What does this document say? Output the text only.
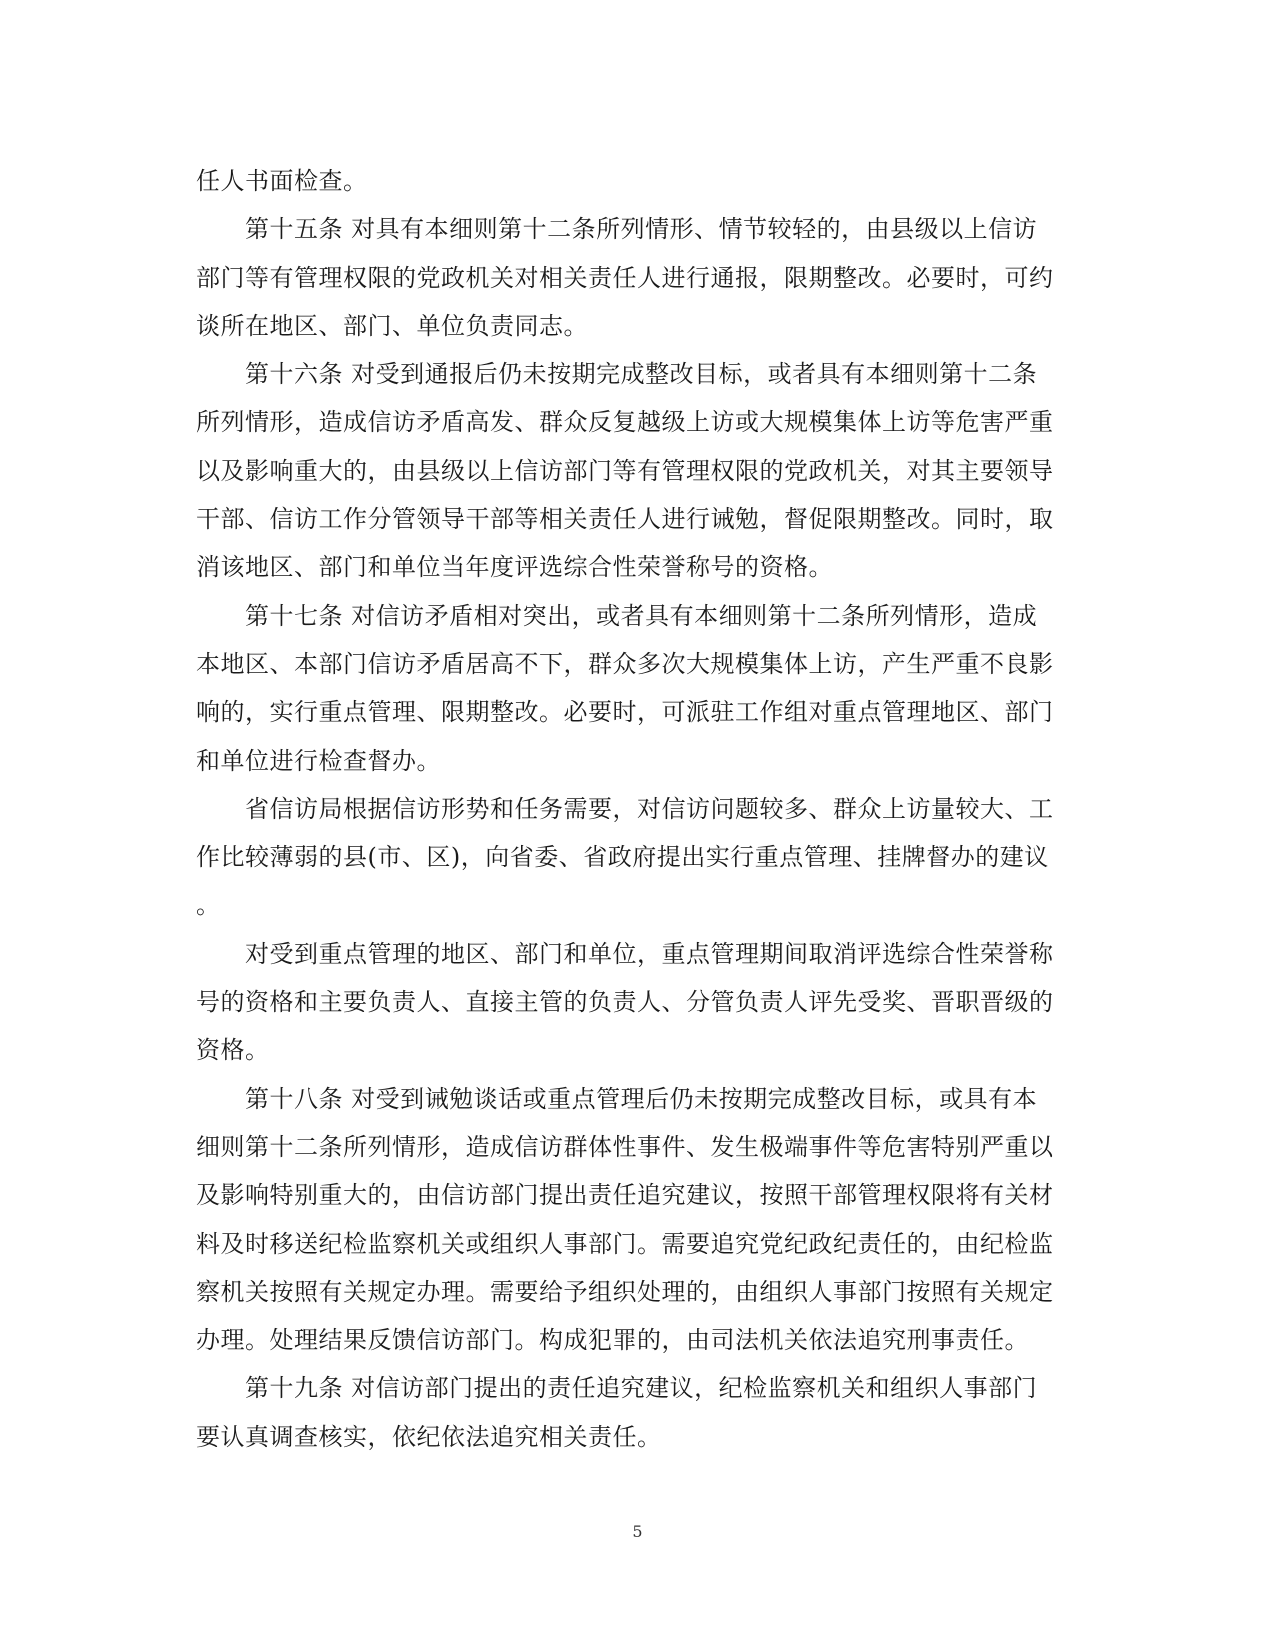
任人书面检查。
第十五条 对具有本细则第十二条所列情形、情节较轻的，由县级以上信访
部门等有管理权限的党政机关对相关责任人进行通报，限期整改。必要时，可约
谈所在地区、部门、单位负责同志。
第十六条 对受到通报后仍未按期完成整改目标，或者具有本细则第十二条
所列情形，造成信访矛盾高发、群众反复越级上访或大规模集体上访等危害严重
以及影响重大的，由县级以上信访部门等有管理权限的党政机关，对其主要领导
干部、信访工作分管领导干部等相关责任人进行诫勉，督促限期整改。同时，取
消该地区、部门和单位当年度评选综合性荣誉称号的资格。
第十七条 对信访矛盾相对突出，或者具有本细则第十二条所列情形，造成
本地区、本部门信访矛盾居高不下，群众多次大规模集体上访，产生严重不良影
响的，实行重点管理、限期整改。必要时，可派驻工作组对重点管理地区、部门
和单位进行检查督办。
省信访局根据信访形势和任务需要，对信访问题较多、群众上访量较大、工
作比较薄弱的县(市、区)，向省委、省政府提出实行重点管理、挂牌督办的建议
。
对受到重点管理的地区、部门和单位，重点管理期间取消评选综合性荣誉称
号的资格和主要负责人、直接主管的负责人、分管负责人评先受奖、晋职晋级的
资格。
第十八条 对受到诫勉谈话或重点管理后仍未按期完成整改目标，或具有本
细则第十二条所列情形，造成信访群体性事件、发生极端事件等危害特别严重以
及影响特别重大的，由信访部门提出责任追究建议，按照干部管理权限将有关材
料及时移送纪检监察机关或组织人事部门。需要追究党纪政纪责任的，由纪检监
察机关按照有关规定办理。需要给予组织处理的，由组织人事部门按照有关规定
办理。处理结果反馈信访部门。构成犯罪的，由司法机关依法追究刑事责任。
第十九条 对信访部门提出的责任追究建议，纪检监察机关和组织人事部门
要认真调查核实，依纪依法追究相关责任。
5
